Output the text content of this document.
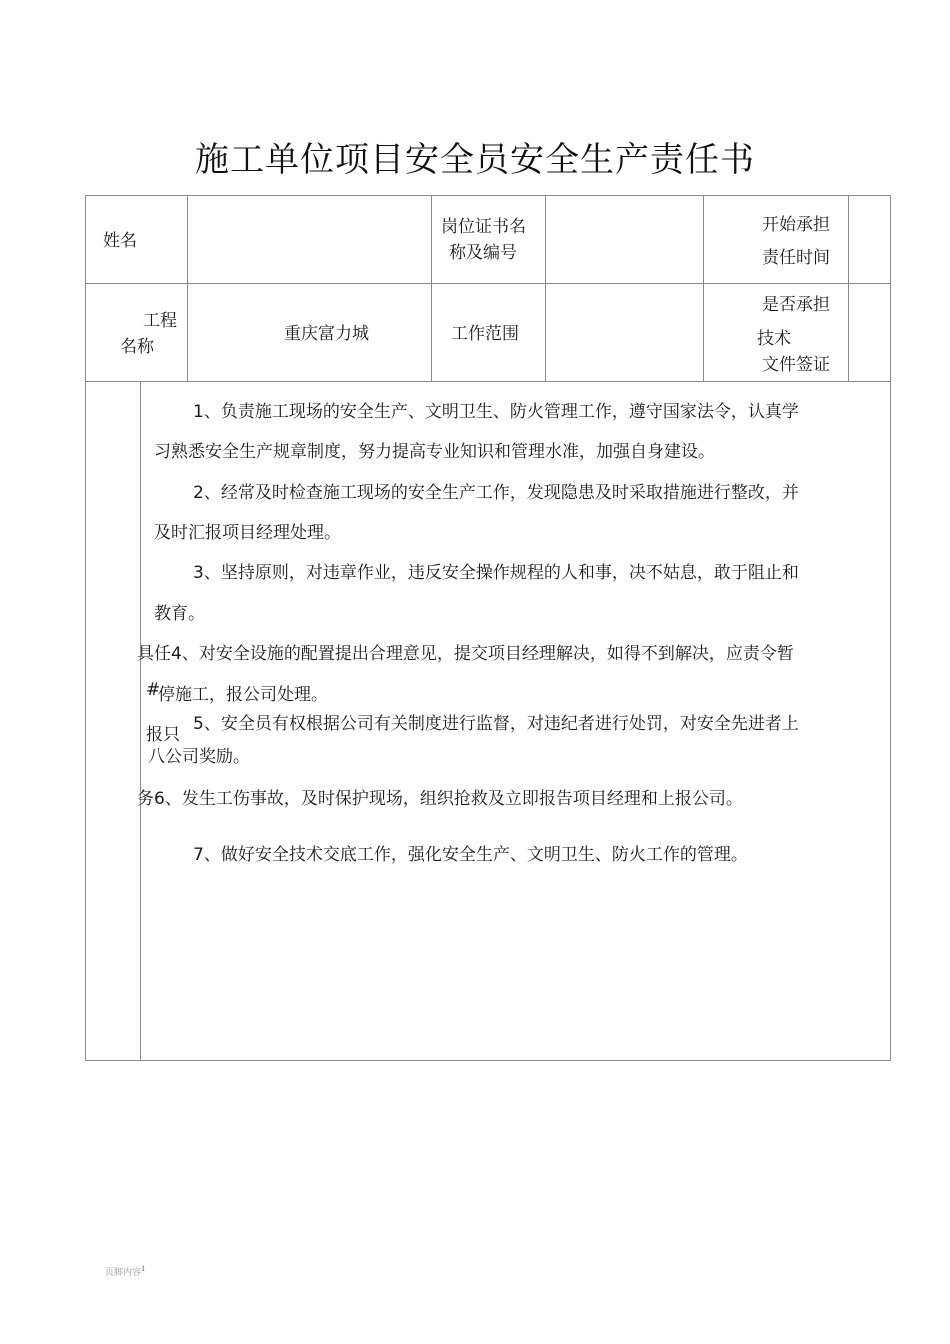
施工单位项目安全员安全生产责任书
姓名
岗位证书名
称及编号
开始承担
责任时间
工程
名称
重庆富力城	工作范围
是否承担
技术
文件签证
具任
#
报只
务
1、负责施工现场的安全生产、文明卫生、防火管理工作，遵守国家法令，认真学
习熟悉安全生产规章制度，努力提高专业知识和管理水准，加强自身建设。
2、经常及时检查施工现场的安全生产工作，发现隐患及时采取措施进行整改，并
及时汇报项目经理处理。
3、坚持原则，对违章作业，违反安全操作规程的人和事，决不姑息，敢于阻止和
教育。
4、对安全设施的配置提出合理意见，提交项目经理解决，如得不到解决，应责令暂
停施工，报公司处理。
5、安全员有权根据公司有关制度进行监督，对违纪者进行处罚，对安全先进者上
八公司奖励。
6、发生工伤事故，及时保护现场，组织抢救及立即报告项目经理和上报公司。
7、做好安全技术交底工作，强化安全生产、文明卫生、防火工作的管理。
页脚内容$^1$
